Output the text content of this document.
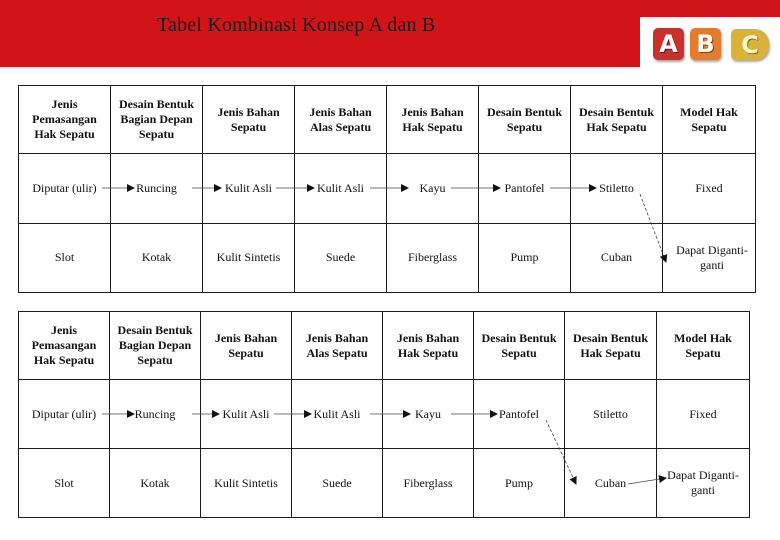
Tabel Kombinasi Konsep A dan B
A B	C
Jenis Pemasangan Hak Sepatu	Desain Bentuk Bagian Depan Sepatu	Jenis Bahan Sepatu	Jenis Bahan Alas Sepatu	Jenis Bahan Hak Sepatu	Desain Bentuk Sepatu	Desain Bentuk Hak Sepatu	Model Hak Sepatu
Diputar (ulir)	Runcing	Kulit Asli	Kulit Asli	Kayu	Pantofel	Stiletto	Fixed
Slot	Kotak	Kulit Sintetis	Suede	Fiberglass	Pump	Cuban	Dapat Diganti-ganti
Jenis Pemasangan Hak Sepatu	Desain Bentuk Bagian Depan Sepatu	Jenis Bahan Sepatu	Jenis Bahan Alas Sepatu	Jenis Bahan Hak Sepatu	Desain Bentuk Sepatu	Desain Bentuk Hak Sepatu	Model Hak Sepatu
Diputar (ulir)	Runcing	Kulit Asli	Kulit Asli	Kayu	Pantofel	Stiletto	Fixed
Slot	Kotak	Kulit Sintetis	Suede	Fiberglass	Pump	Cuban	Dapat Diganti-ganti
